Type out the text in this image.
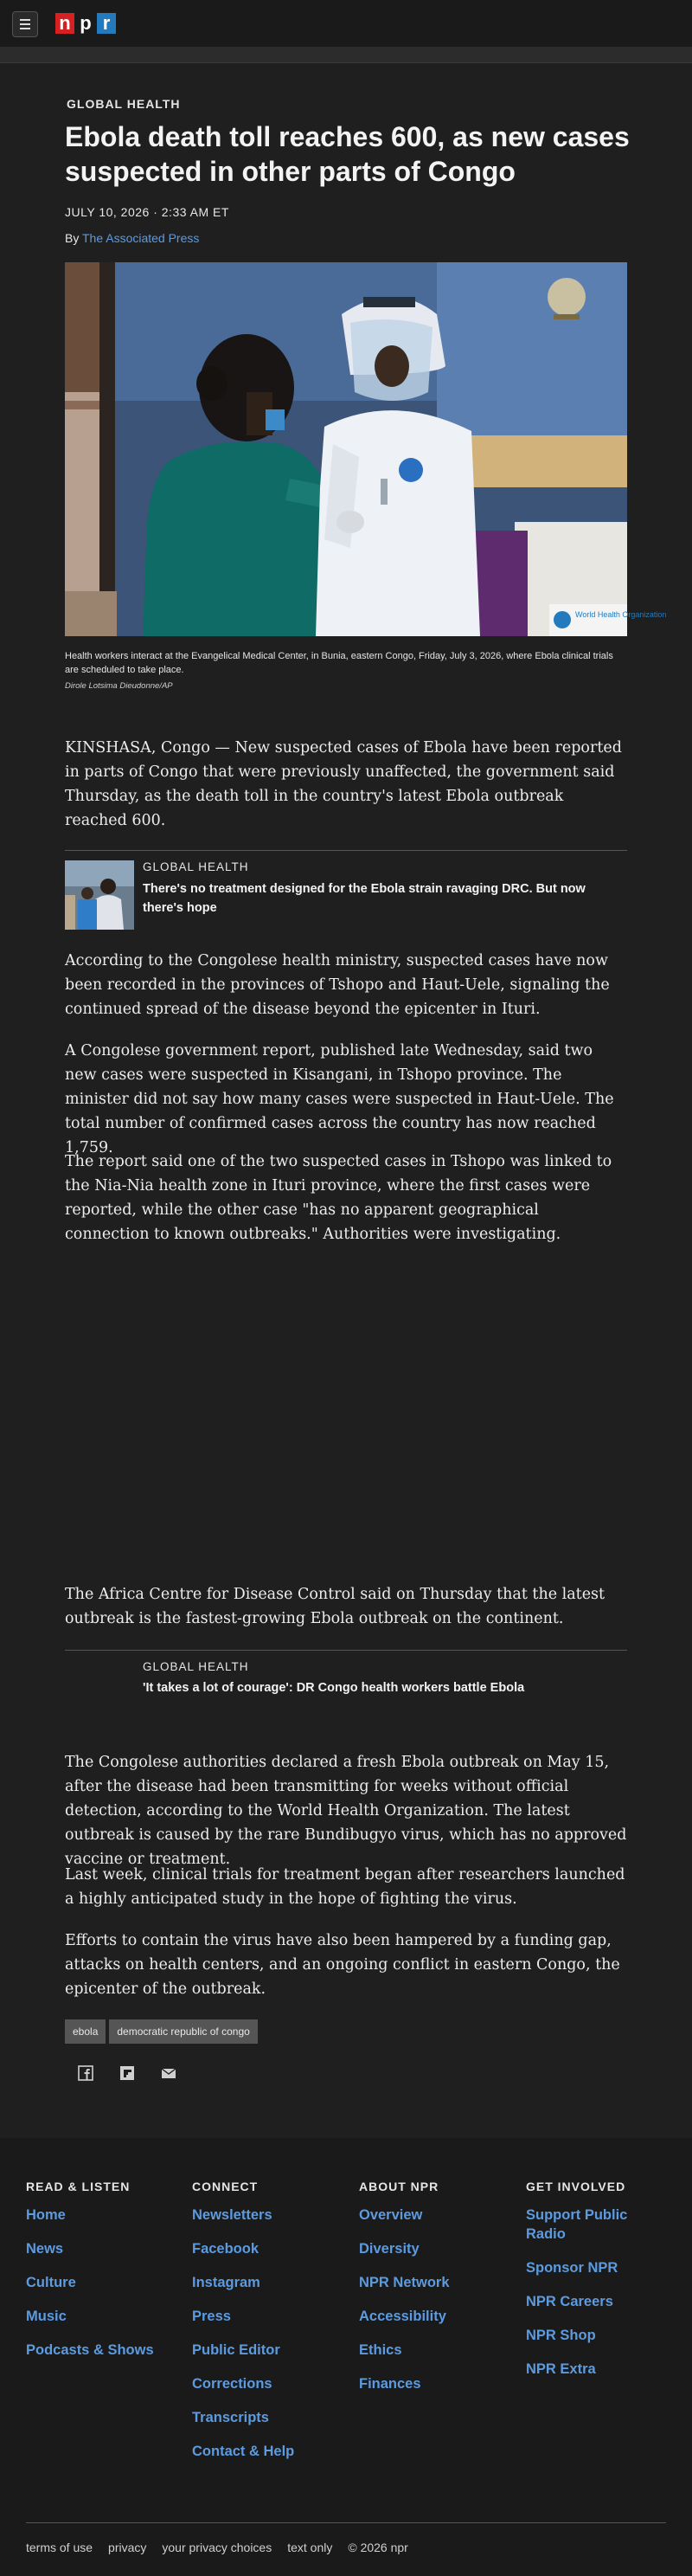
n p r
GLOBAL HEALTH
Ebola death toll reaches 600, as new cases suspected in other parts of Congo
JULY 10, 2026 · 2:33 AM ET
By The Associated Press
World Health Organization
Health workers interact at the Evangelical Medical Center, in Bunia, eastern Congo, Friday, July 3, 2026, where Ebola clinical trials are scheduled to take place.
Dirole Lotsima Dieudonne/AP

KINSHASA, Congo — New suspected cases of Ebola have been reported in parts of Congo that were previously unaffected, the government said Thursday, as the death toll in the country's latest Ebola outbreak reached 600.

GLOBAL HEALTH
There's no treatment designed for the Ebola strain ravaging DRC. But now there's hope

According to the Congolese health ministry, suspected cases have now been recorded in the provinces of Tshopo and Haut-Uele, signaling the continued spread of the disease beyond the epicenter in Ituri.

A Congolese government report, published late Wednesday, said two new cases were suspected in Kisangani, in Tshopo province. The minister did not say how many cases were suspected in Haut-Uele. The total number of confirmed cases across the country has now reached 1,759.

The report said one of the two suspected cases in Tshopo was linked to the Nia-Nia health zone in Ituri province, where the first cases were reported, while the other case "has no apparent geographical connection to known outbreaks." Authorities were investigating.

The Africa Centre for Disease Control said on Thursday that the latest outbreak is the fastest-growing Ebola outbreak on the continent.

GLOBAL HEALTH
'It takes a lot of courage': DR Congo health workers battle Ebola

The Congolese authorities declared a fresh Ebola outbreak on May 15, after the disease had been transmitting for weeks without official detection, according to the World Health Organization. The latest outbreak is caused by the rare Bundibugyo virus, which has no approved vaccine or treatment.

Last week, clinical trials for treatment began after researchers launched a highly anticipated study in the hope of fighting the virus.

Efforts to contain the virus have also been hampered by a funding gap, attacks on health centers, and an ongoing conflict in eastern Congo, the epicenter of the outbreak.

ebola	democratic republic of congo
READ & LISTEN
Home
News
Culture
Music
Podcasts & Shows
CONNECT
Newsletters
Facebook
Instagram
Press
Public Editor
Corrections
Transcripts
Contact & Help
ABOUT NPR
Overview
Diversity
NPR Network
Accessibility
Ethics
Finances
GET INVOLVED
Support Public Radio
Sponsor NPR
NPR Careers
NPR Shop
NPR Extra
terms of use privacy your privacy choices text only © 2026 npr
